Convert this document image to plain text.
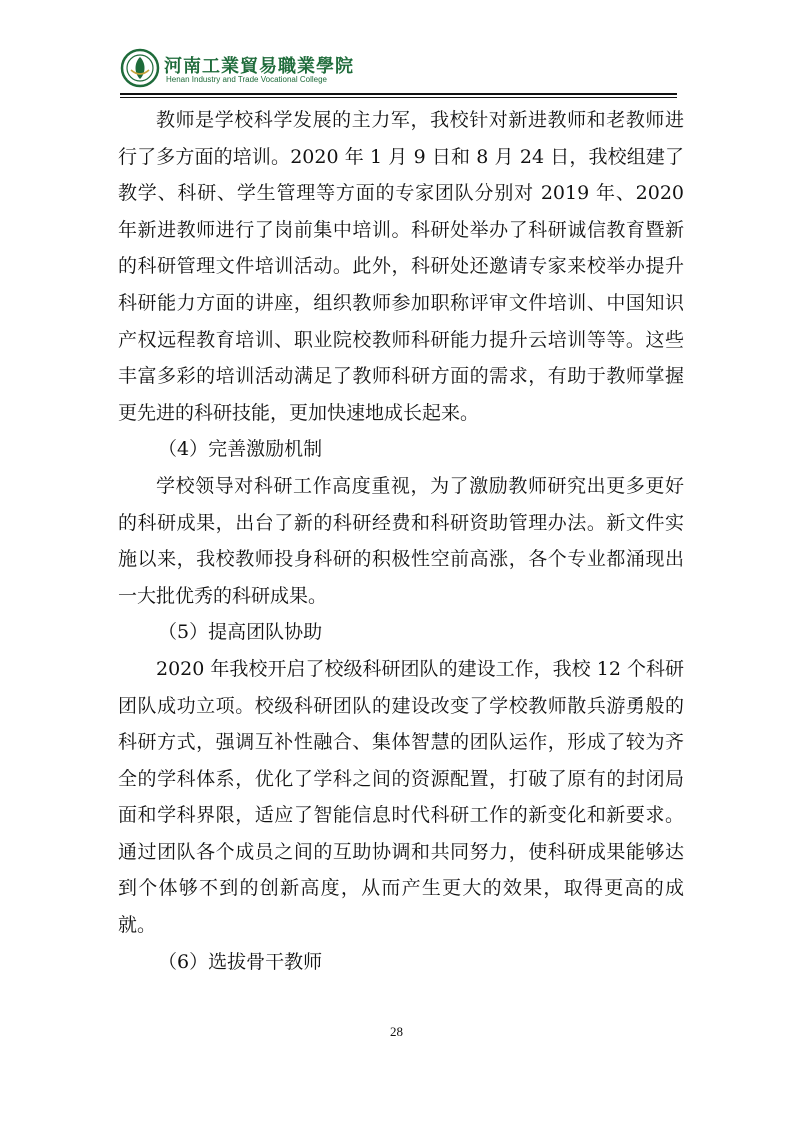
河南工業貿易職業學院
Henan Industry and Trade Vocational College

教师是学校科学发展的主力军，我校针对新进教师和老教师进行了多方面的培训。2020 年 1 月 9 日和 8 月 24 日，我校组建了教学、科研、学生管理等方面的专家团队分别对 2019 年、2020 年新进教师进行了岗前集中培训。科研处举办了科研诚信教育暨新的科研管理文件培训活动。此外，科研处还邀请专家来校举办提升科研能力方面的讲座，组织教师参加职称评审文件培训、中国知识产权远程教育培训、职业院校教师科研能力提升云培训等等。这些丰富多彩的培训活动满足了教师科研方面的需求，有助于教师掌握更先进的科研技能，更加快速地成长起来。

（4）完善激励机制

学校领导对科研工作高度重视，为了激励教师研究出更多更好的科研成果，出台了新的科研经费和科研资助管理办法。新文件实施以来，我校教师投身科研的积极性空前高涨，各个专业都涌现出一大批优秀的科研成果。

（5）提高团队协助

2020 年我校开启了校级科研团队的建设工作，我校 12 个科研团队成功立项。校级科研团队的建设改变了学校教师散兵游勇般的科研方式，强调互补性融合、集体智慧的团队运作，形成了较为齐全的学科体系，优化了学科之间的资源配置，打破了原有的封闭局面和学科界限，适应了智能信息时代科研工作的新变化和新要求。通过团队各个成员之间的互助协调和共同努力，使科研成果能够达到个体够不到的创新高度，从而产生更大的效果，取得更高的成就。

（6）选拔骨干教师

28
